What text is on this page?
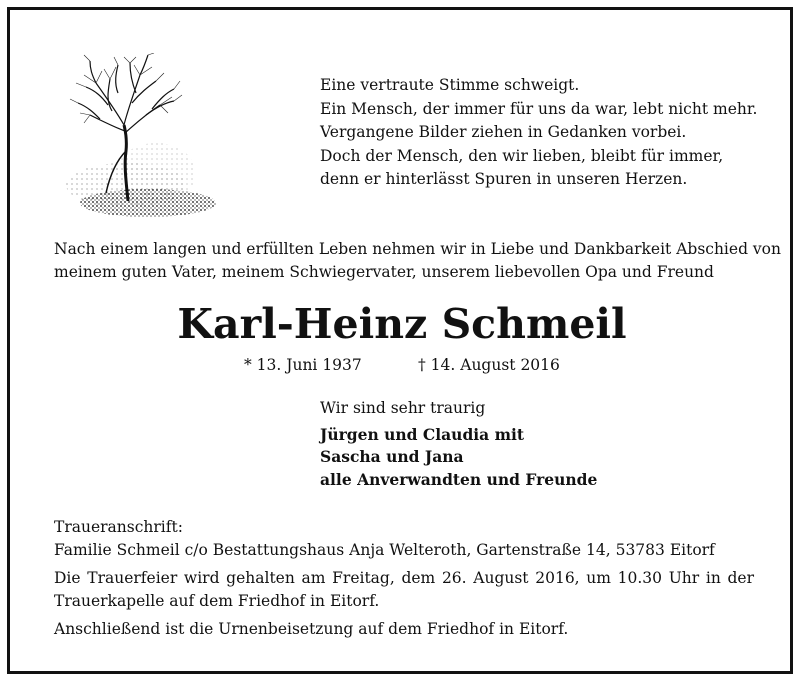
Eine vertraute Stimme schweigt.
Ein Mensch, der immer für uns da war, lebt nicht mehr.
Vergangene Bilder ziehen in Gedanken vorbei.
Doch der Mensch, den wir lieben, bleibt für immer,
denn er hinterlässt Spuren in unseren Herzen.
Nach einem langen und erfüllten Leben nehmen wir in Liebe und Dankbarkeit Abschied von
meinem guten Vater, meinem Schwiegervater, unserem liebevollen Opa und Freund
Karl-Heinz Schmeil
* 13. Juni 1937	† 14. August 2016
Wir sind sehr traurig
Jürgen und Claudia mit
Sascha und Jana
alle Anverwandten und Freunde
Traueranschrift:
Familie Schmeil c/o Bestattungshaus Anja Welteroth, Gartenstraße 14, 53783 Eitorf
Die Trauerfeier wird gehalten am Freitag, dem 26. August 2016, um 10.30 Uhr in der Trauerkapelle auf dem Friedhof in Eitorf.
Anschließend ist die Urnenbeisetzung auf dem Friedhof in Eitorf.
